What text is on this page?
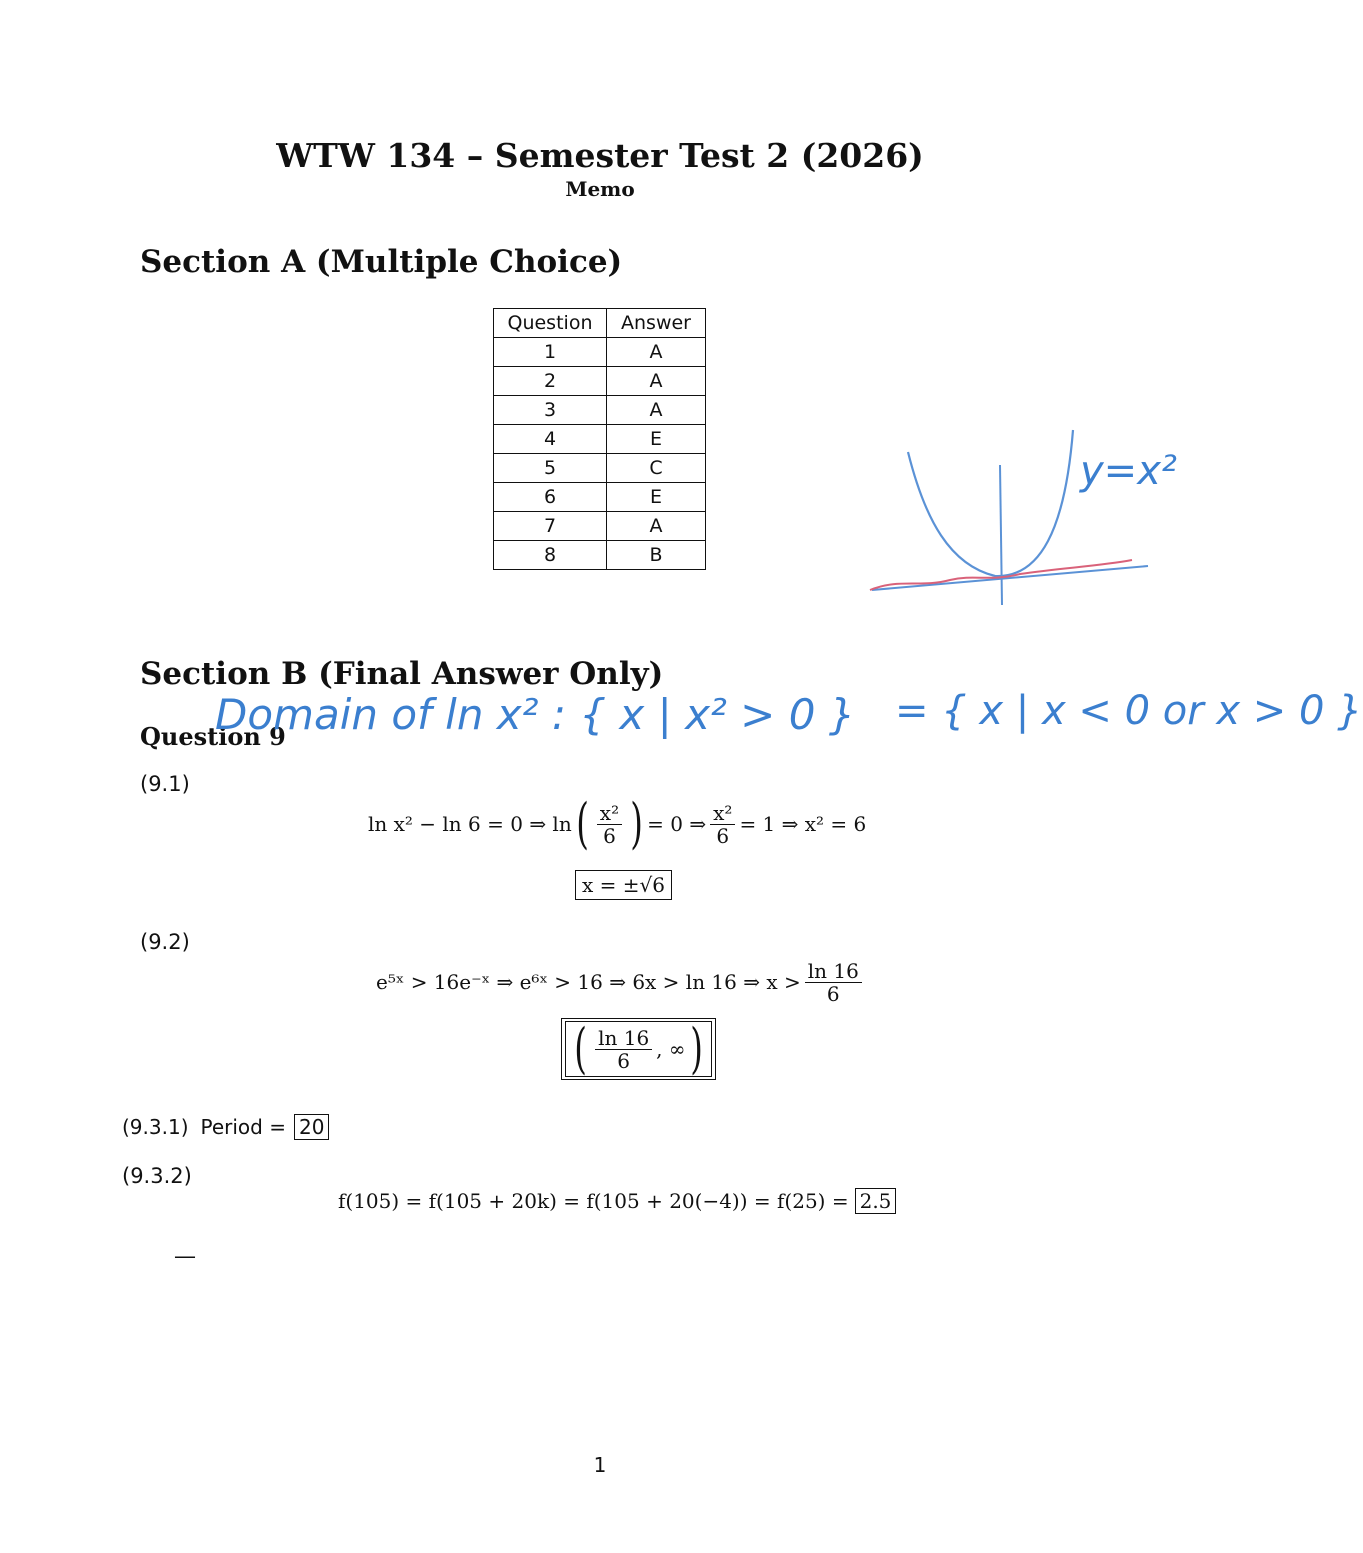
WTW 134 – Semester Test 2 (2026)
Memo
Section A (Multiple Choice)
Question	Answer
1	A
2	A
3	A
4	E
5	C
6	E
7	A
8	B
y=x²
Section B (Final Answer Only)
Question 9
Domain of ln x² : { x | x² > 0 } = { x | x < 0 or x > 0 }
(9.1)
ln x² − ln 6 = 0 ⇒ ln ( $\frac{\text{x²}}{6}$ ) = 0 ⇒ $\frac{\text{x²}}{6} = 1$ ⇒ x² = 6
x = ±√6
(9.2)
e⁵ˣ > 16e⁻ˣ ⇒ e⁶ˣ > 16 ⇒ 6x > ln 16 ⇒ $x > \frac{\ln 16}{6}$
( $\frac{\ln 16}{6}$ , ∞ )
(9.3.1) Period = 20
(9.3.2)
f(105) = f(105 + 20k) = f(105 + 20(−4)) = f(25) = 2.5
—
1
